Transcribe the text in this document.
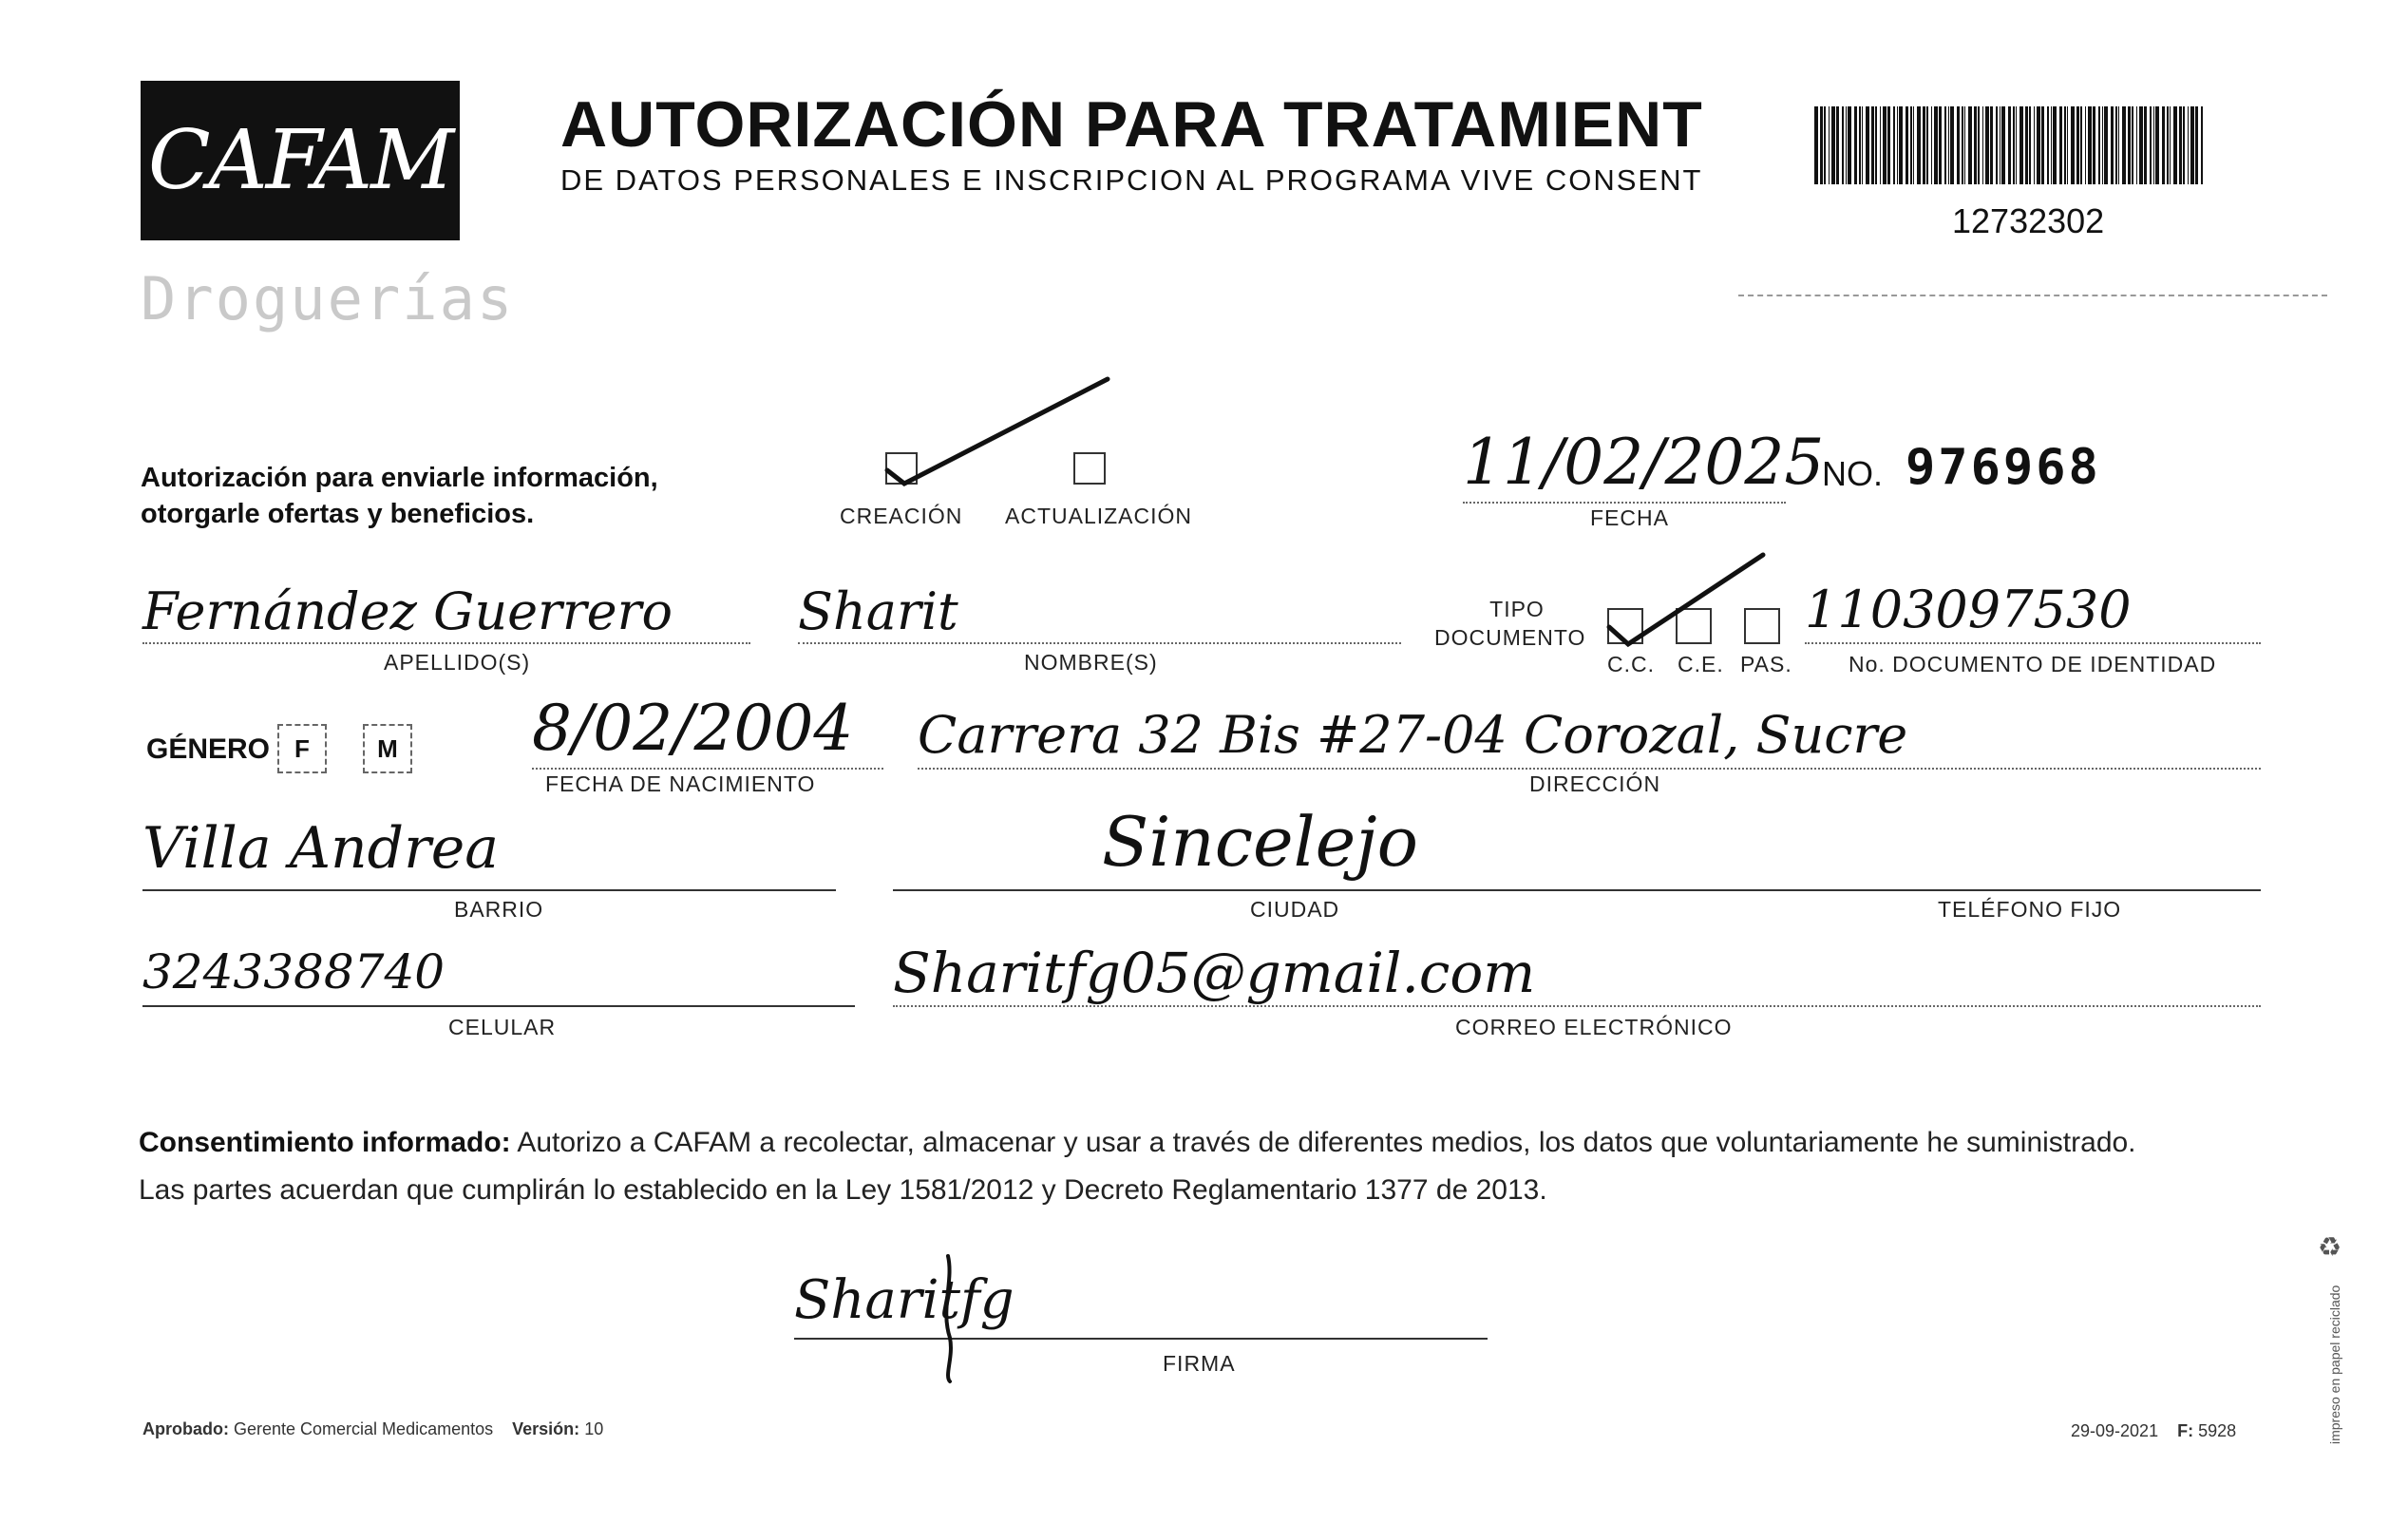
CAFAM
Droguerías
AUTORIZACIÓN PARA TRATAMIENT
DE DATOS PERSONALES E INSCRIPCION AL PROGRAMA VIVE CONSENT
12732302
Autorización para enviarle información,
otorgarle ofertas y beneficios.	CREACIÓN ACTUALIZACIÓN
11/02/2025
FECHA
NO. 976968
Fernández Guerrero
APELLIDO(S)
Sharit
NOMBRE(S)
TIPO
DOCUMENTO
C.C. C.E. PAS.
1103097530
No. DOCUMENTO DE IDENTIDAD
GÉNERO	F	M 8/02/2004
FECHA DE NACIMIENTO
Carrera 32 Bis #27-04 Corozal, Sucre
DIRECCIÓN
Villa Andrea
BARRIO
Sincelejo
CIUDAD	TELÉFONO FIJO
3243388740
CELULAR
Sharitfg05@gmail.com
CORREO ELECTRÓNICO
Consentimiento informado: Autorizo a CAFAM a recolectar, almacenar y usar a través de diferentes medios, los datos que voluntariamente he suministrado.
Las partes acuerdan que cumplirán lo establecido en la Ley 1581/2012 y Decreto Reglamentario 1377 de 2013.
Sharitfg
FIRMA
Aprobado: Gerente Comercial Medicamentos Versión: 10	29-09-2021 F: 5928
♻
impreso en papel reciclado
